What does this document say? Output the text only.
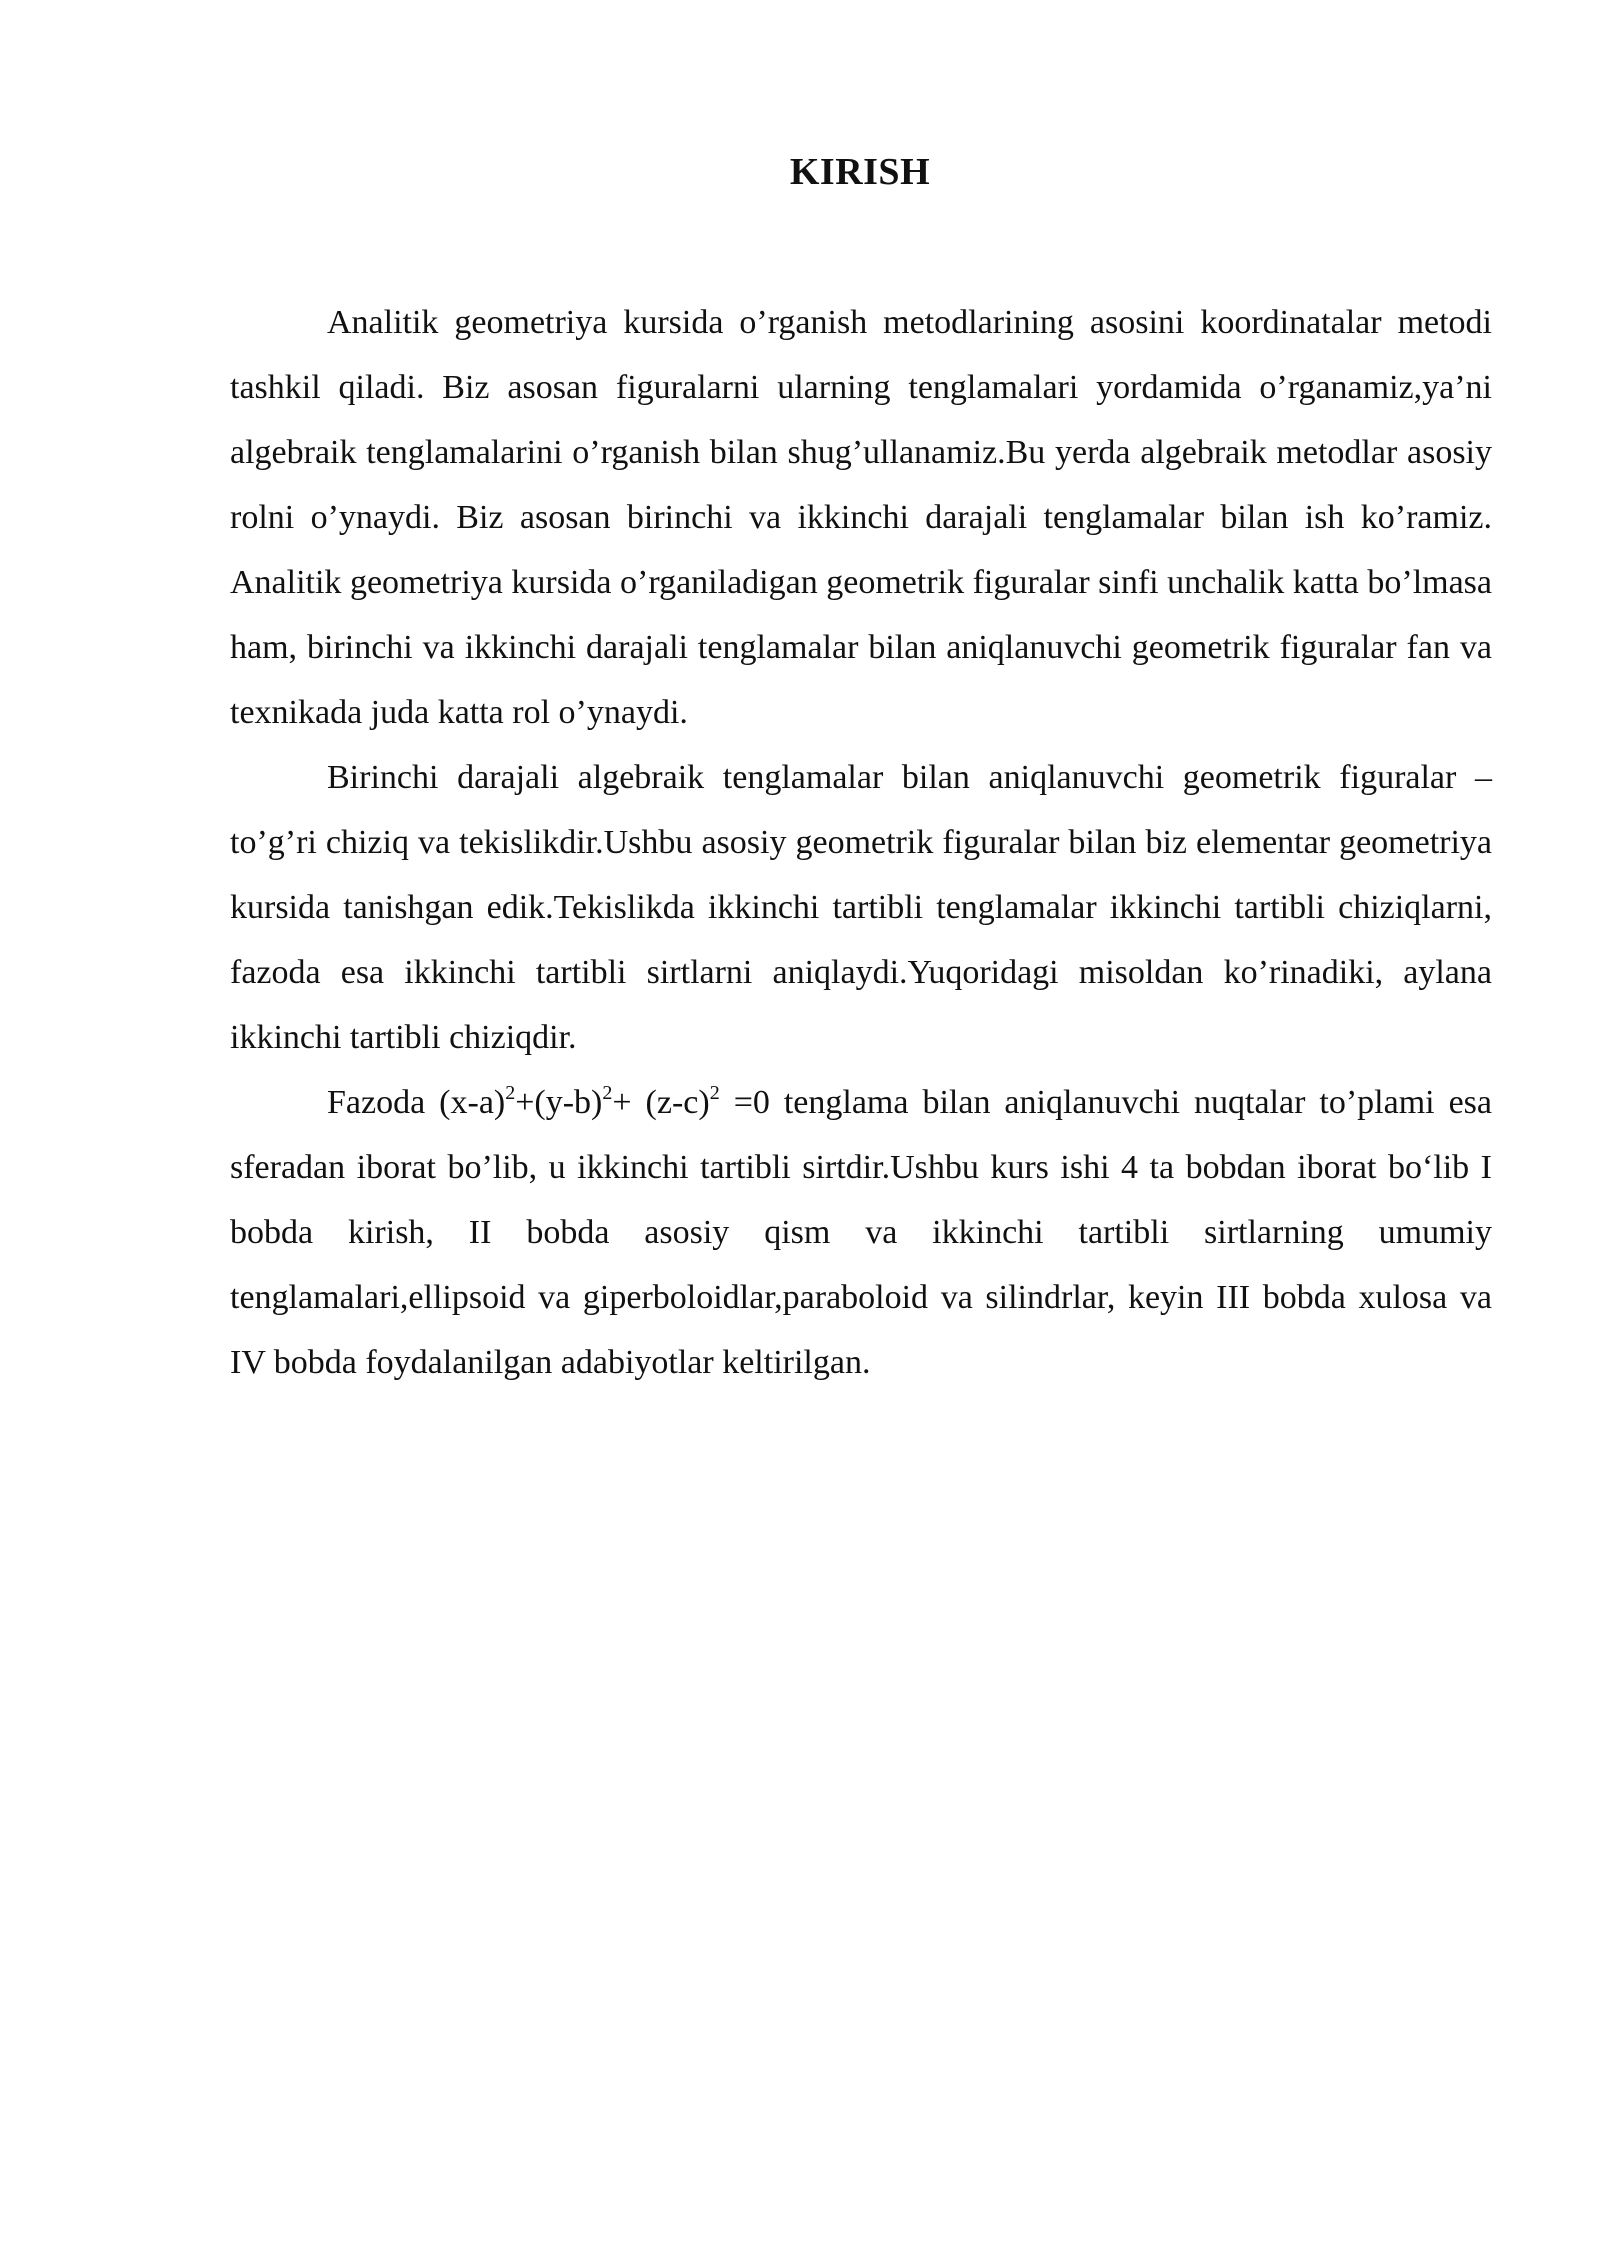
KIRISH

Analitik geometriya kursida o’rganish metodlarining asosini koordinatalar metodi tashkil qiladi. Biz asosan figuralarni ularning tenglamalari yordamida o’rganamiz,ya’ni algebraik tenglamalarini o’rganish bilan shug’ullanamiz.Bu yerda algebraik metodlar asosiy rolni o’ynaydi. Biz asosan birinchi va ikkinchi darajali tenglamalar bilan ish ko’ramiz. Analitik geometriya kursida o’rganiladigan geometrik figuralar sinfi unchalik katta bo’lmasa ham, birinchi va ikkinchi darajali tenglamalar bilan aniqlanuvchi geometrik figuralar fan va texnikada juda katta rol o’ynaydi.

Birinchi darajali algebraik tenglamalar bilan aniqlanuvchi geometrik figuralar – to’g’ri chiziq va tekislikdir.Ushbu asosiy geometrik figuralar bilan biz elementar geometriya kursida tanishgan edik.Tekislikda ikkinchi tartibli tenglamalar ikkinchi tartibli chiziqlarni, fazoda esa ikkinchi tartibli sirtlarni aniqlaydi.Yuqoridagi misoldan ko’rinadiki, aylana ikkinchi tartibli chiziqdir.

Fazoda $(x-a)^2+(y-b)^2+ (z-c)^2 =0$ tenglama bilan aniqlanuvchi nuqtalar to’plami esa sferadan iborat bo’lib, u ikkinchi tartibli sirtdir.Ushbu kurs ishi 4 ta bobdan iborat bo‘lib I bobda kirish, II bobda asosiy qism va ikkinchi tartibli sirtlarning umumiy tenglamalari,ellipsoid va giperboloidlar,paraboloid va silindrlar, keyin III bobda xulosa va IV bobda foydalanilgan adabiyotlar keltirilgan.
